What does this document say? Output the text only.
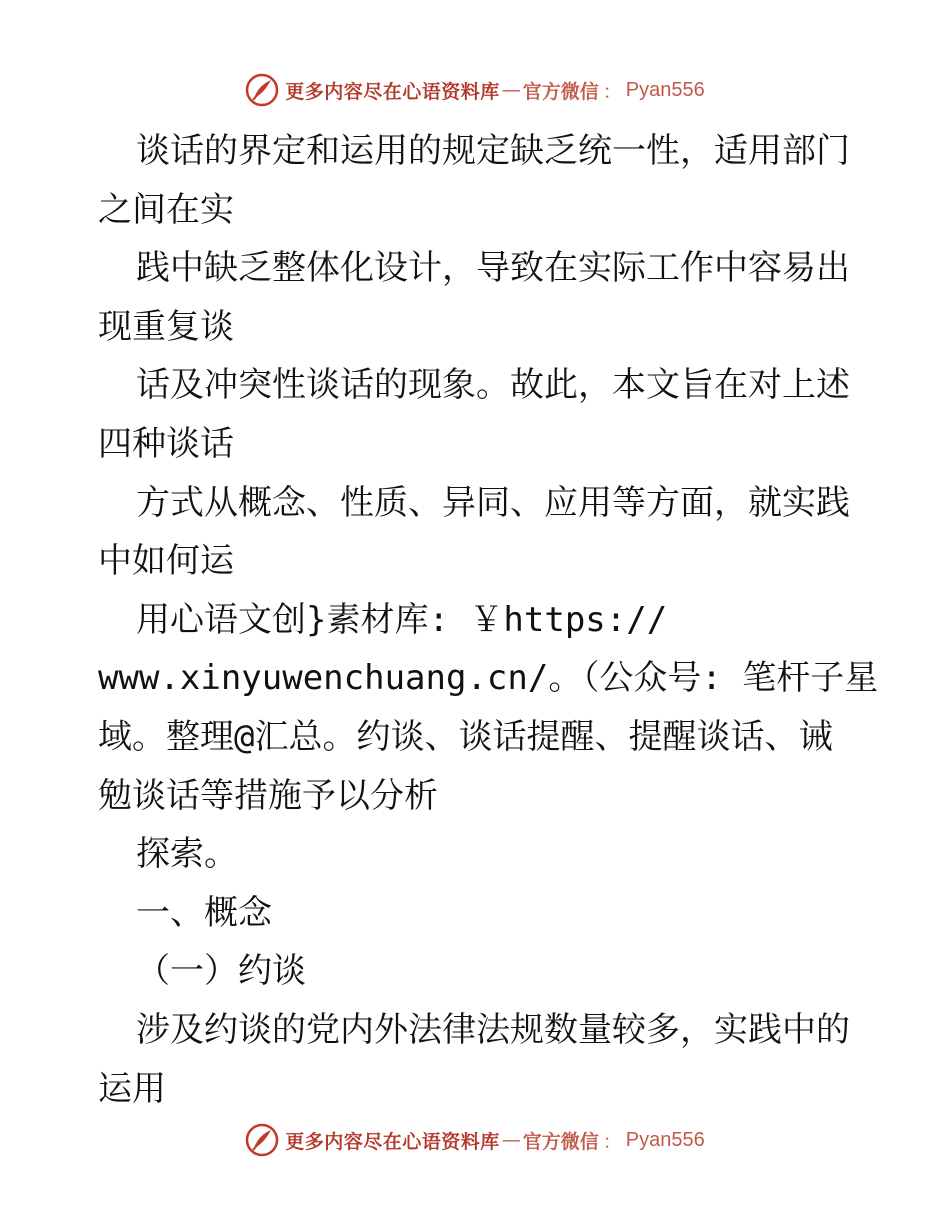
更多内容尽在心语资料库 — 官方微信 ： Pyan556
谈话的界定和运用的规定缺乏统一性，适用部门
之间在实
践中缺乏整体化设计，导致在实际工作中容易出
现重复谈
话及冲突性谈话的现象。故此，本文旨在对上述
四种谈话
方式从概念、性质、异同、应用等方面，就实践
中如何运
用心语文创}素材库: ￥https://
www.xinyuwenchuang.cn/。（公众号: 笔杆子星
域。整理@汇总。约谈、谈话提醒、提醒谈话、诫
勉谈话等措施予以分析
探索。
一、概念
（一）约谈
涉及约谈的党内外法律法规数量较多，实践中的
运用
更多内容尽在心语资料库 — 官方微信 ： Pyan556
